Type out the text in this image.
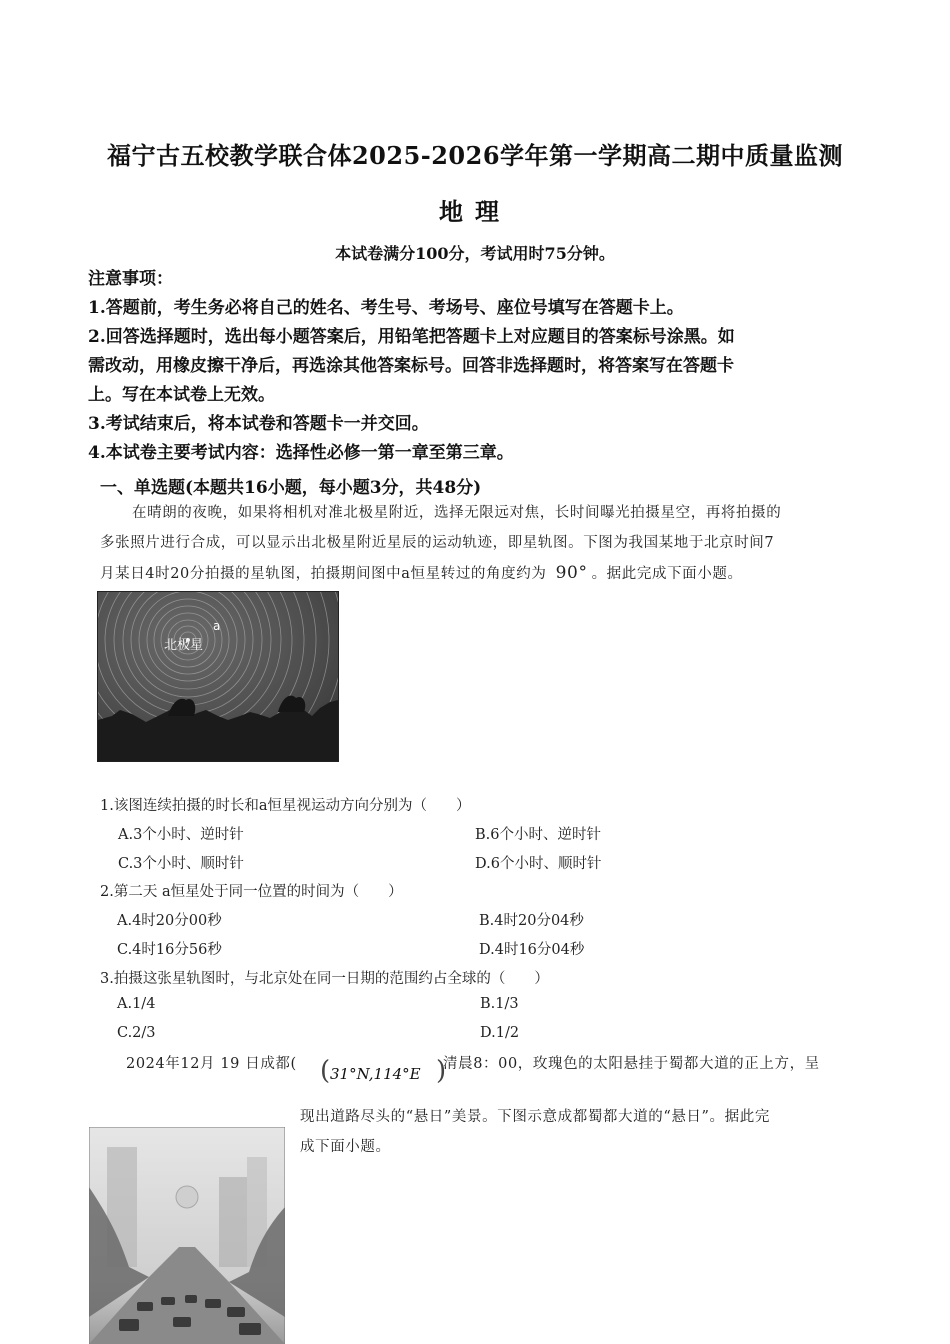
福宁古五校教学联合体2025-2026学年第一学期高二期中质量监测
地理
本试卷满分100分，考试用时75分钟。
注意事项：
1.答题前，考生务必将自己的姓名、考生号、考场号、座位号填写在答题卡上。
2.回答选择题时，选出每小题答案后，用铅笔把答题卡上对应题目的答案标号涂黑。如
需改动，用橡皮擦干净后，再选涂其他答案标号。回答非选择题时，将答案写在答题卡
上。写在本试卷上无效。
3.考试结束后，将本试卷和答题卡一并交回。
4.本试卷主要考试内容：选择性必修一第一章至第三章。
一、单选题(本题共16小题，每小题3分，共48分)
在晴朗的夜晚，如果将相机对准北极星附近，选择无限远对焦，长时间曝光拍摄星空，再将拍摄的
多张照片进行合成，可以显示出北极星附近星辰的运动轨迹，即星轨图。下图为我国某地于北京时间7
月某日4时20分拍摄的星轨图，拍摄期间图中a恒星转过的角度约为 90° 。据此完成下面小题。
北极星
a
1.该图连续拍摄的时长和a恒星视运动方向分别为（　　）
A.3个小时、逆时针	B.6个小时、逆时针
C.3个小时、顺时针	D.6个小时、顺时针
2.第二天 a恒星处于同一位置的时间为（　　）
A.4时20分00秒	B.4时20分04秒
C.4时16分56秒	D.4时16分04秒
3.拍摄这张星轨图时，与北京处在同一日期的范围约占全球的（　　）
A.1/4	B.1/3
C.2/3	D.1/2
2024年12月 19 日成都( ( 31°N,114°E )
清晨8：00，玫瑰色的太阳悬挂于蜀都大道的正上方，呈
现出道路尽头的“悬日”美景。下图示意成都蜀都大道的“悬日”。据此完
成下面小题。
